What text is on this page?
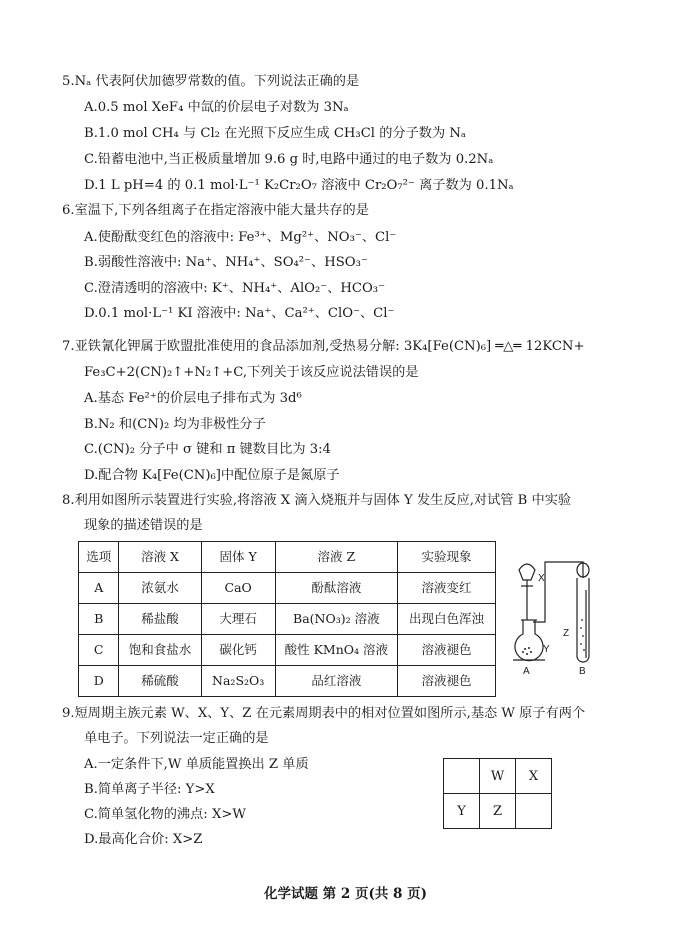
5.Nₐ 代表阿伏加德罗常数的值。下列说法正确的是
A.0.5 mol XeF₄ 中氙的价层电子对数为 3Nₐ
B.1.0 mol CH₄ 与 Cl₂ 在光照下反应生成 CH₃Cl 的分子数为 Nₐ
C.铅蓄电池中,当正极质量增加 9.6 g 时,电路中通过的电子数为 0.2Nₐ
D.1 L pH=4 的 0.1 mol·L⁻¹ K₂Cr₂O₇ 溶液中 Cr₂O₇²⁻ 离子数为 0.1Nₐ
6.室温下,下列各组离子在指定溶液中能大量共存的是
A.使酚酞变红色的溶液中: Fe³⁺、Mg²⁺、NO₃⁻、Cl⁻
B.弱酸性溶液中: Na⁺、NH₄⁺、SO₄²⁻、HSO₃⁻
C.澄清透明的溶液中: K⁺、NH₄⁺、AlO₂⁻、HCO₃⁻
D.0.1 mol·L⁻¹ KI 溶液中: Na⁺、Ca²⁺、ClO⁻、Cl⁻
7.亚铁氰化钾属于欧盟批准使用的食品添加剂,受热易分解: 3K₄[Fe(CN)₆] ═△═ 12KCN+
Fe₃C+2(CN)₂↑+N₂↑+C,下列关于该反应说法错误的是
A.基态 Fe²⁺的价层电子排布式为 3d⁶
B.N₂ 和(CN)₂ 均为非极性分子
C.(CN)₂ 分子中 σ 键和 π 键数目比为 3:4
D.配合物 K₄[Fe(CN)₆]中配位原子是氮原子
8.利用如图所示装置进行实验,将溶液 X 滴入烧瓶并与固体 Y 发生反应,对试管 B 中实验
现象的描述错误的是
选项	溶液 X	固体 Y	溶液 Z	实验现象
A	浓氨水	CaO	酚酞溶液	溶液变红
B	稀盐酸	大理石	Ba(NO₃)₂ 溶液	出现白色浑浊
C	饱和食盐水	碳化钙	酸性 KMnO₄ 溶液	溶液褪色
D	稀硫酸	Na₂S₂O₃	品红溶液	溶液褪色
X
Y
Z
A	B
9.短周期主族元素 W、X、Y、Z 在元素周期表中的相对位置如图所示,基态 W 原子有两个
单电子。下列说法一定正确的是
A.一定条件下,W 单质能置换出 Z 单质
B.简单离子半径: Y>X
C.简单氢化物的沸点: X>W
D.最高化合价: X>Z
	W	X
Y	Z	
化学试题 第 2 页(共 8 页)
